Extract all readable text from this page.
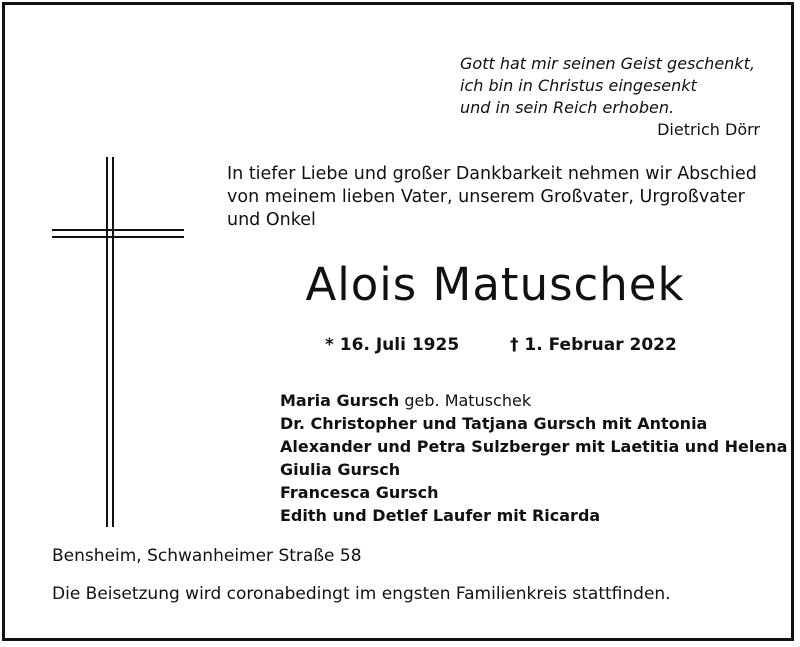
Gott hat mir seinen Geist geschenkt,
ich bin in Christus eingesenkt
und in sein Reich erhoben.
Dietrich Dörr
In tiefer Liebe und großer Dankbarkeit nehmen wir Abschied
von meinem lieben Vater, unserem Großvater, Urgroßvater
und Onkel
Alois Matuschek
* 16. Juli 1925	† 1. Februar 2022
Maria Gursch geb. Matuschek
Dr. Christopher und Tatjana Gursch mit Antonia
Alexander und Petra Sulzberger mit Laetitia und Helena
Giulia Gursch
Francesca Gursch
Edith und Detlef Laufer mit Ricarda
Bensheim, Schwanheimer Straße 58
Die Beisetzung wird coronabedingt im engsten Familienkreis stattfinden.
